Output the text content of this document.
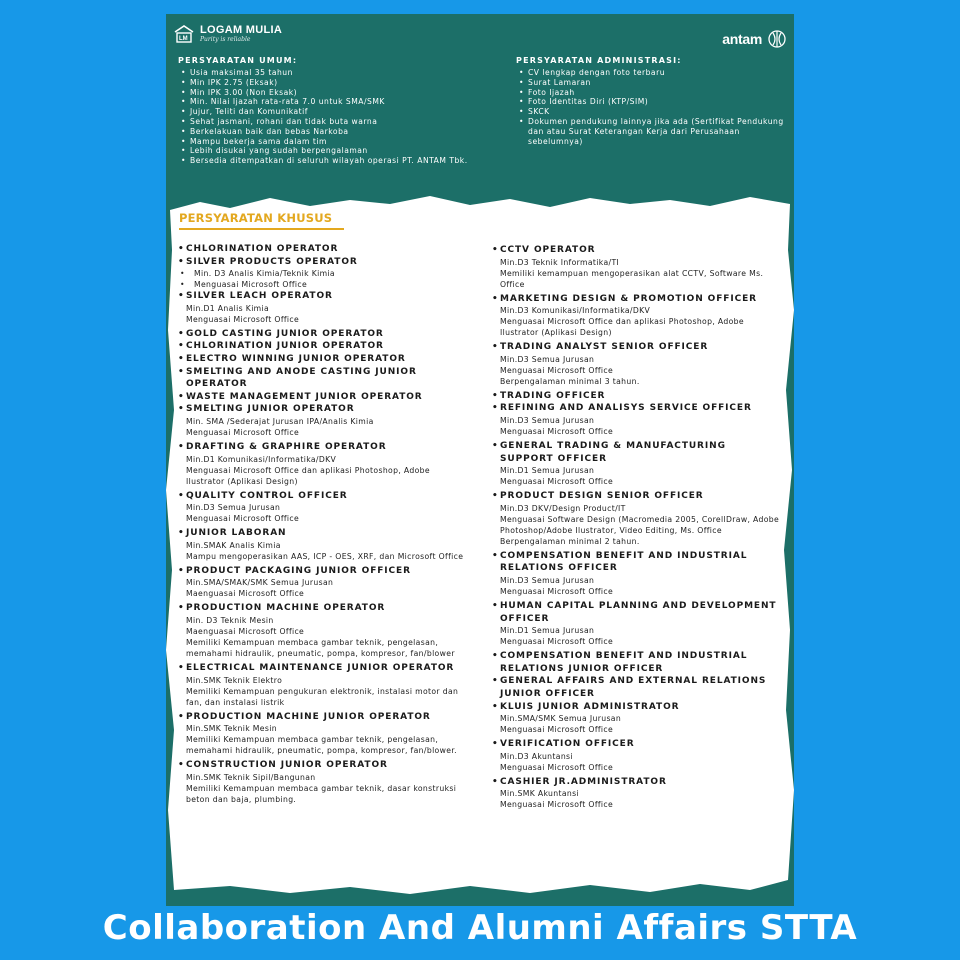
LM
LOGAM MULIA
Purity is reliable	antam
PERSYARATAN UMUM:
• Usia maksimal 35 tahun
• Min IPK 2.75 (Eksak)
• Min IPK 3.00 (Non Eksak)
• Min. Nilai Ijazah rata-rata 7.0 untuk SMA/SMK
• Jujur, Teliti dan Komunikatif
• Sehat jasmani, rohani dan tidak buta warna
• Berkelakuan baik dan bebas Narkoba
• Mampu bekerja sama dalam tim
• Lebih disukai yang sudah berpengalaman
• Bersedia ditempatkan di seluruh wilayah operasi PT. ANTAM Tbk.
PERSYARATAN ADMINISTRASI:
• CV lengkap dengan foto terbaru
• Surat Lamaran
• Foto Ijazah
• Foto Identitas Diri (KTP/SIM)
• SKCK
• Dokumen pendukung lainnya jika ada (Sertifikat Pendukung dan atau Surat Keterangan Kerja dari Perusahaan sebelumnya)
PERSYARATAN KHUSUS
• CHLORINATION OPERATOR
• SILVER PRODUCTS OPERATOR
• Min. D3 Analis Kimia/Teknik Kimia
• Menguasai Microsoft Office
• SILVER LEACH OPERATOR
Min.D1 Analis Kimia
Menguasai Microsoft Office
• GOLD CASTING JUNIOR OPERATOR
• CHLORINATION JUNIOR OPERATOR
• ELECTRO WINNING JUNIOR OPERATOR
• SMELTING AND ANODE CASTING JUNIOR OPERATOR
• WASTE MANAGEMENT JUNIOR OPERATOR
• SMELTING JUNIOR OPERATOR
Min. SMA /Sederajat Jurusan IPA/Analis Kimia
Menguasai Microsoft Office
• DRAFTING & GRAPHIRE OPERATOR
Min.D1 Komunikasi/Informatika/DKV
Menguasai Microsoft Office dan aplikasi Photoshop, Adobe Ilustrator (Aplikasi Design)
• QUALITY CONTROL OFFICER
Min.D3 Semua Jurusan
Menguasai Microsoft Office
• JUNIOR LABORAN
Min.SMAK Analis Kimia
Mampu mengoperasikan AAS, ICP - OES, XRF, dan Microsoft Office
• PRODUCT PACKAGING JUNIOR OFFICER
Min.SMA/SMAK/SMK Semua Jurusan
Maenguasai Microsoft Office
• PRODUCTION MACHINE OPERATOR
Min. D3 Teknik Mesin
Maenguasai Microsoft Office
Memiliki Kemampuan membaca gambar teknik, pengelasan, memahami hidraulik, pneumatic, pompa, kompresor, fan/blower
• ELECTRICAL MAINTENANCE JUNIOR OPERATOR
Min.SMK Teknik Elektro
Memiliki Kemampuan pengukuran elektronik, instalasi motor dan fan, dan instalasi listrik
• PRODUCTION MACHINE JUNIOR OPERATOR
Min.SMK Teknik Mesin
Memiliki Kemampuan membaca gambar teknik, pengelasan, memahami hidraulik, pneumatic, pompa, kompresor, fan/blower.
• CONSTRUCTION JUNIOR OPERATOR
Min.SMK Teknik Sipil/Bangunan
Memiliki Kemampuan membaca gambar teknik, dasar konstruksi beton dan baja, plumbing.
• CCTV OPERATOR
Min.D3 Teknik Informatika/TI
Memiliki kemampuan mengoperasikan alat CCTV, Software Ms. Office
• MARKETING DESIGN & PROMOTION OFFICER
Min.D3 Komunikasi/Informatika/DKV
Menguasai Microsoft Office dan aplikasi Photoshop, Adobe Ilustrator (Aplikasi Design)
• TRADING ANALYST SENIOR OFFICER
Min.D3 Semua Jurusan
Menguasai Microsoft Office
Berpengalaman minimal 3 tahun.
• TRADING OFFICER
• REFINING AND ANALISYS SERVICE OFFICER
Min.D3 Semua Jurusan
Menguasai Microsoft Office
• GENERAL TRADING & MANUFACTURING SUPPORT OFFICER
Min.D1 Semua Jurusan
Menguasai Microsoft Office
• PRODUCT DESIGN SENIOR OFFICER
Min.D3 DKV/Design Product/IT
Menguasai Software Design (Macromedia 2005, CorellDraw, Adobe Photoshop/Adobe Ilustrator, Video Editing, Ms. Office
Berpengalaman minimal 2 tahun.
• COMPENSATION BENEFIT AND INDUSTRIAL RELATIONS OFFICER
Min.D3 Semua Jurusan
Menguasai Microsoft Office
• HUMAN CAPITAL PLANNING AND DEVELOPMENT OFFICER
Min.D1 Semua Jurusan
Menguasai Microsoft Office
• COMPENSATION BENEFIT AND INDUSTRIAL RELATIONS JUNIOR OFFICER
• GENERAL AFFAIRS AND EXTERNAL RELATIONS JUNIOR OFFICER
• KLUIS JUNIOR ADMINISTRATOR
Min.SMA/SMK Semua Jurusan
Menguasai Microsoft Office
• VERIFICATION OFFICER
Min.D3 Akuntansi
Menguasai Microsoft Office
• CASHIER JR.ADMINISTRATOR
Min.SMK Akuntansi
Menguasai Microsoft Office
Collaboration And Alumni Affairs STTA
